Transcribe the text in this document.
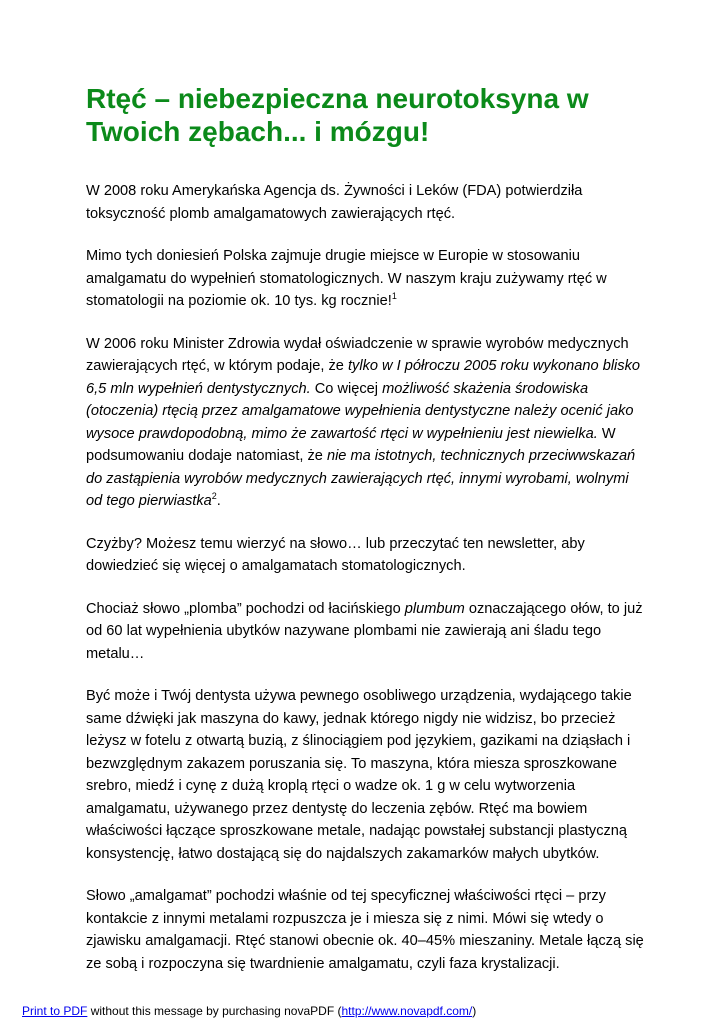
Rtęć – niebezpieczna neurotoksyna w Twoich zębach... i mózgu!

W 2008 roku Amerykańska Agencja ds. Żywności i Leków (FDA) potwierdziła toksyczność plomb amalgamatowych zawierających rtęć.

Mimo tych doniesień Polska zajmuje drugie miejsce w Europie w stosowaniu amalgamatu do wypełnień stomatologicznych. W naszym kraju zużywamy rtęć w stomatologii na poziomie ok. 10 tys. kg rocznie!$^1$

W 2006 roku Minister Zdrowia wydał oświadczenie w sprawie wyrobów medycznych zawierających rtęć, w którym podaje, że tylko w I półroczu 2005 roku wykonano blisko 6,5 mln wypełnień dentystycznych. Co więcej możliwość skażenia środowiska (otoczenia) rtęcią przez amalgamatowe wypełnienia dentystyczne należy ocenić jako wysoce prawdopodobną, mimo że zawartość rtęci w wypełnieniu jest niewielka. W podsumowaniu dodaje natomiast, że nie ma istotnych, technicznych przeciwwskazań do zastąpienia wyrobów medycznych zawierających rtęć, innymi wyrobami, wolnymi od tego pierwiastka$^2$.

Czyżby? Możesz temu wierzyć na słowo… lub przeczytać ten newsletter, aby dowiedzieć się więcej o amalgamatach stomatologicznych.

Chociaż słowo „plomba” pochodzi od łacińskiego plumbum oznaczającego ołów, to już od 60 lat wypełnienia ubytków nazywane plombami nie zawierają ani śladu tego metalu…

Być może i Twój dentysta używa pewnego osobliwego urządzenia, wydającego takie same dźwięki jak maszyna do kawy, jednak którego nigdy nie widzisz, bo przecież leżysz w fotelu z otwartą buzią, z ślinociągiem pod językiem, gazikami na dziąsłach i bezwzględnym zakazem poruszania się. To maszyna, która miesza sproszkowane srebro, miedź i cynę z dużą kroplą rtęci o wadze ok. 1 g w celu wytworzenia amalgamatu, używanego przez dentystę do leczenia zębów. Rtęć ma bowiem właściwości łączące sproszkowane metale, nadając powstałej substancji plastyczną konsystencję, łatwo dostającą się do najdalszych zakamarków małych ubytków.

Słowo „amalgamat” pochodzi właśnie od tej specyficznej właściwości rtęci – przy kontakcie z innymi metalami rozpuszcza je i miesza się z nimi. Mówi się wtedy o zjawisku amalgamacji. Rtęć stanowi obecnie ok. 40–45% mieszaniny. Metale łączą się ze sobą i rozpoczyna się twardnienie amalgamatu, czyli faza krystalizacji.

Print to PDF without this message by purchasing novaPDF (http://www.novapdf.com/)
